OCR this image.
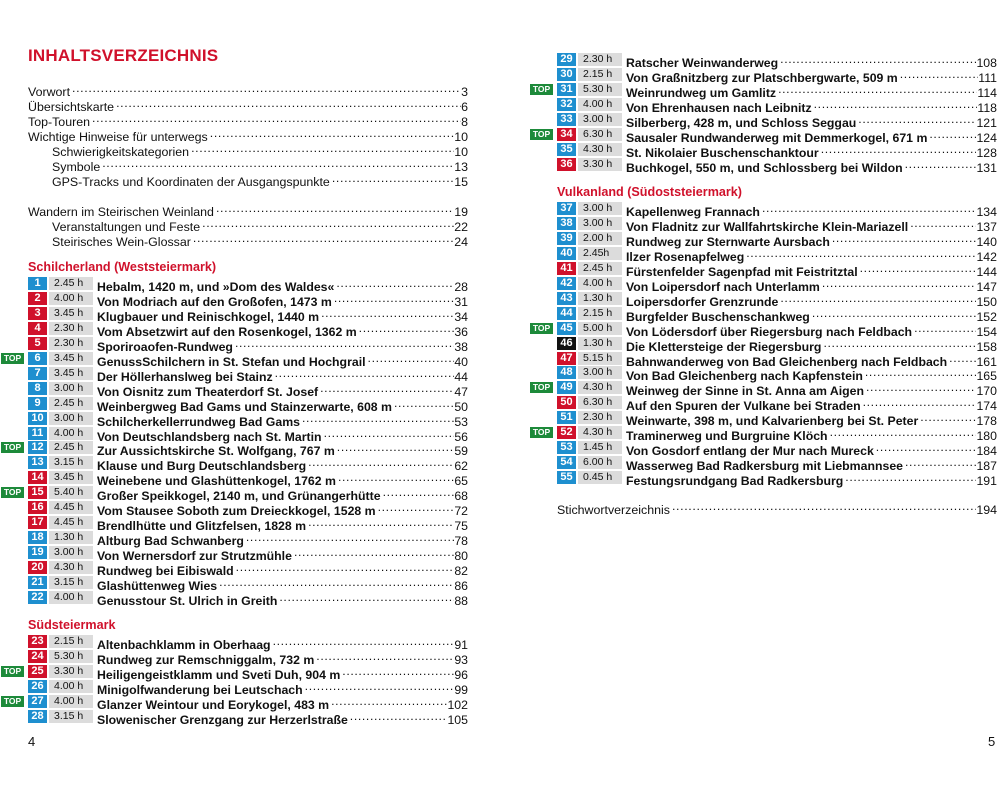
INHALTSVERZEICHNIS
Vorwort . . .	3
Übersichtskarte . . .	6
Top-Touren . . .	8
Wichtige Hinweise für unterwegs . . .	10
Schwierigkeitskategorien . . .	10
Symbole . . .	13
GPS-Tracks und Koordinaten der Ausgangspunkte . . .	15
Wandern im Steirischen Weinland . . .	19
Veranstaltungen und Feste . . .	22
Steirisches Wein-Glossar . . .	24
Schilcherland (Weststeiermark)
1	2.45 h	Hebalm, 1420 m, und »Dom des Waldes« . . .	28
2	4.00 h	Von Modriach auf den Großofen, 1473 m . . .	31
3	3.45 h	Klugbauer und Reinischkogel, 1440 m . . .	34
4	2.30 h	Vom Absetzwirt auf den Rosenkogel, 1362 m . . .	36
5	2.30 h	Sporiroaofen-Rundweg . . .	38
TOP	6	3.45 h	GenussSchilchern in St. Stefan und Hochgrail . . .	40
7	3.45 h	Der Höllerhanslweg bei Stainz . . .	44
8	3.00 h	Von Oisnitz zum Theaterdorf St. Josef . . .	47
9	2.45 h	Weinbergweg Bad Gams und Stainzerwarte, 608 m . . .	50
10 3.00 h	Schilcherkellerrundweg Bad Gams . . .	53
11	4.00 h	Von Deutschlandsberg nach St. Martin . . .	56
TOP 12 2.45 h	Zur Aussichtskirche St. Wolfgang, 767 m . . .	59
13 3.15 h	Klause und Burg Deutschlandsberg . . .	62
14 3.45 h	Weinebene und Glashüttenkogel, 1762 m . . .	65
TOP 15 5.40 h	Großer Speikkogel, 2140 m, und Grünangerhütte . . .	68
16 4.45 h	Vom Stausee Soboth zum Dreieckkogel, 1528 m . . .	72
17 4.45 h	Brendlhütte und Glitzfelsen, 1828 m . . .	75
18 1.30 h	Altburg Bad Schwanberg . . .	78
19 3.00 h	Von Wernersdorf zur Strutzmühle . . .	80
20 4.30 h	Rundweg bei Eibiswald . . .	82
21 3.15 h	Glashüttenweg Wies . . .	86
22 4.00 h	Genusstour St. Ulrich in Greith . . .	88
Südsteiermark
23 2.15 h	Altenbachklamm in Oberhaag . . .	91
24 5.30 h	Rundweg zur Remschniggalm, 732 m . . .	93
TOP 25 3.30 h	Heiligengeistklamm und Sveti Duh, 904 m . . .	96
26 4.00 h	Minigolfwanderung bei Leutschach . . .	99
TOP 27 4.00 h	Glanzer Weintour und Eorykogel, 483 m . . .	102
28 3.15 h	Slowenischer Grenzgang zur Herzerlstraße . . .	105
4
29 2.30 h	Ratscher Weinwanderweg . . .	108
30 2.15 h	Von Graßnitzberg zur Platschbergwarte, 509 m . . .	111
TOP 31 5.30 h	Weinrundweg um Gamlitz . . .	114
32 4.00 h	Von Ehrenhausen nach Leibnitz . . .	118
33 3.00 h	Silberberg, 428 m, und Schloss Seggau . . .	121
TOP 34 6.30 h	Sausaler Rundwanderweg mit Demmerkogel, 671 m . . .	124
35 4.30 h	St. Nikolaier Buschenschanktour . . .	128
36 3.30 h	Buchkogel, 550 m, und Schlossberg bei Wildon . . .	131
Vulkanland (Südoststeiermark)
37 3.00 h	Kapellenweg Frannach . . .	134
38 3.00 h	Von Fladnitz zur Wallfahrtskirche Klein-Mariazell . . .	137
39 2.00 h	Rundweg zur Sternwarte Aursbach . . .	140
40 2.45h	Ilzer Rosenapfelweg . . .	142
41 2.45 h	Fürstenfelder Sagenpfad mit Feistritztal . . .	144
42 4.00 h	Von Loipersdorf nach Unterlamm . . .	147
43 1.30 h	Loipersdorfer Grenzrunde . . .	150
44 2.15 h	Burgfelder Buschenschankweg . . .	152
TOP 45 5.00 h	Von Lödersdorf über Riegersburg nach Feldbach . . .	154
46 1.30 h	Die Klettersteige der Riegersburg . . .	158
47 5.15 h	Bahnwanderweg von Bad Gleichenberg nach Feldbach . . . 161
48 3.00 h	Von Bad Gleichenberg nach Kapfenstein . . .	165
TOP 49 4.30 h	Weinweg der Sinne in St. Anna am Aigen . . .	170
50 6.30 h	Auf den Spuren der Vulkane bei Straden . . .	174
51 2.30 h	Weinwarte, 398 m, und Kalvarienberg bei St. Peter . . .	178
TOP 52 4.30 h	Traminerweg und Burgruine Klöch . . .	180
53 1.45 h	Von Gosdorf entlang der Mur nach Mureck . . .	184
54 6.00 h	Wasserweg Bad Radkersburg mit Liebmannsee . . .	187
55 0.45 h	Festungsrundgang Bad Radkersburg . . .	191
Stichwortverzeichnis . . .	194
5
